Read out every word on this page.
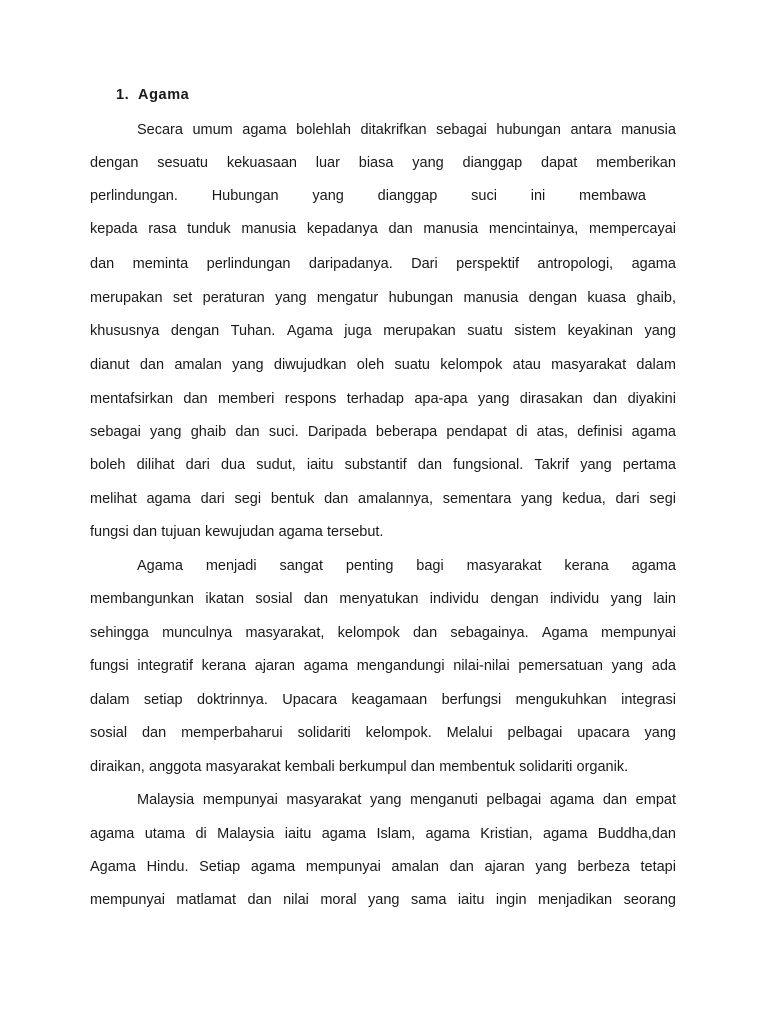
1. Agama
Secara umum agama bolehlah ditakrifkan sebagai hubungan antara manusia
dengan sesuatu kekuasaan luar biasa yang dianggap dapat memberikan
perlindungan. Hubungan yang dianggap suci ini membawa
kepada rasa tunduk manusia kepadanya dan manusia mencintainya, mempercayai
dan meminta perlindungan daripadanya. Dari perspektif antropologi, agama
merupakan set peraturan yang mengatur hubungan manusia dengan kuasa ghaib,
khususnya dengan Tuhan. Agama juga merupakan suatu sistem keyakinan yang
dianut dan amalan yang diwujudkan oleh suatu kelompok atau masyarakat dalam
mentafsirkan dan memberi respons terhadap apa-apa yang dirasakan dan diyakini
sebagai yang ghaib dan suci. Daripada beberapa pendapat di atas, definisi agama
boleh dilihat dari dua sudut, iaitu substantif dan fungsional. Takrif yang pertama
melihat agama dari segi bentuk dan amalannya, sementara yang kedua, dari segi
fungsi dan tujuan kewujudan agama tersebut.
Agama menjadi sangat penting bagi masyarakat kerana agama
membangunkan ikatan sosial dan menyatukan individu dengan individu yang lain
sehingga munculnya masyarakat, kelompok dan sebagainya. Agama mempunyai
fungsi integratif kerana ajaran agama mengandungi nilai-nilai pemersatuan yang ada
dalam setiap doktrinnya. Upacara keagamaan berfungsi mengukuhkan integrasi
sosial dan memperbaharui solidariti kelompok. Melalui pelbagai upacara yang
diraikan, anggota masyarakat kembali berkumpul dan membentuk solidariti organik.
Malaysia mempunyai masyarakat yang menganuti pelbagai agama dan empat
agama utama di Malaysia iaitu agama Islam, agama Kristian, agama Buddha,dan
Agama Hindu. Setiap agama mempunyai amalan dan ajaran yang berbeza tetapi
mempunyai matlamat dan nilai moral yang sama iaitu ingin menjadikan seorang
